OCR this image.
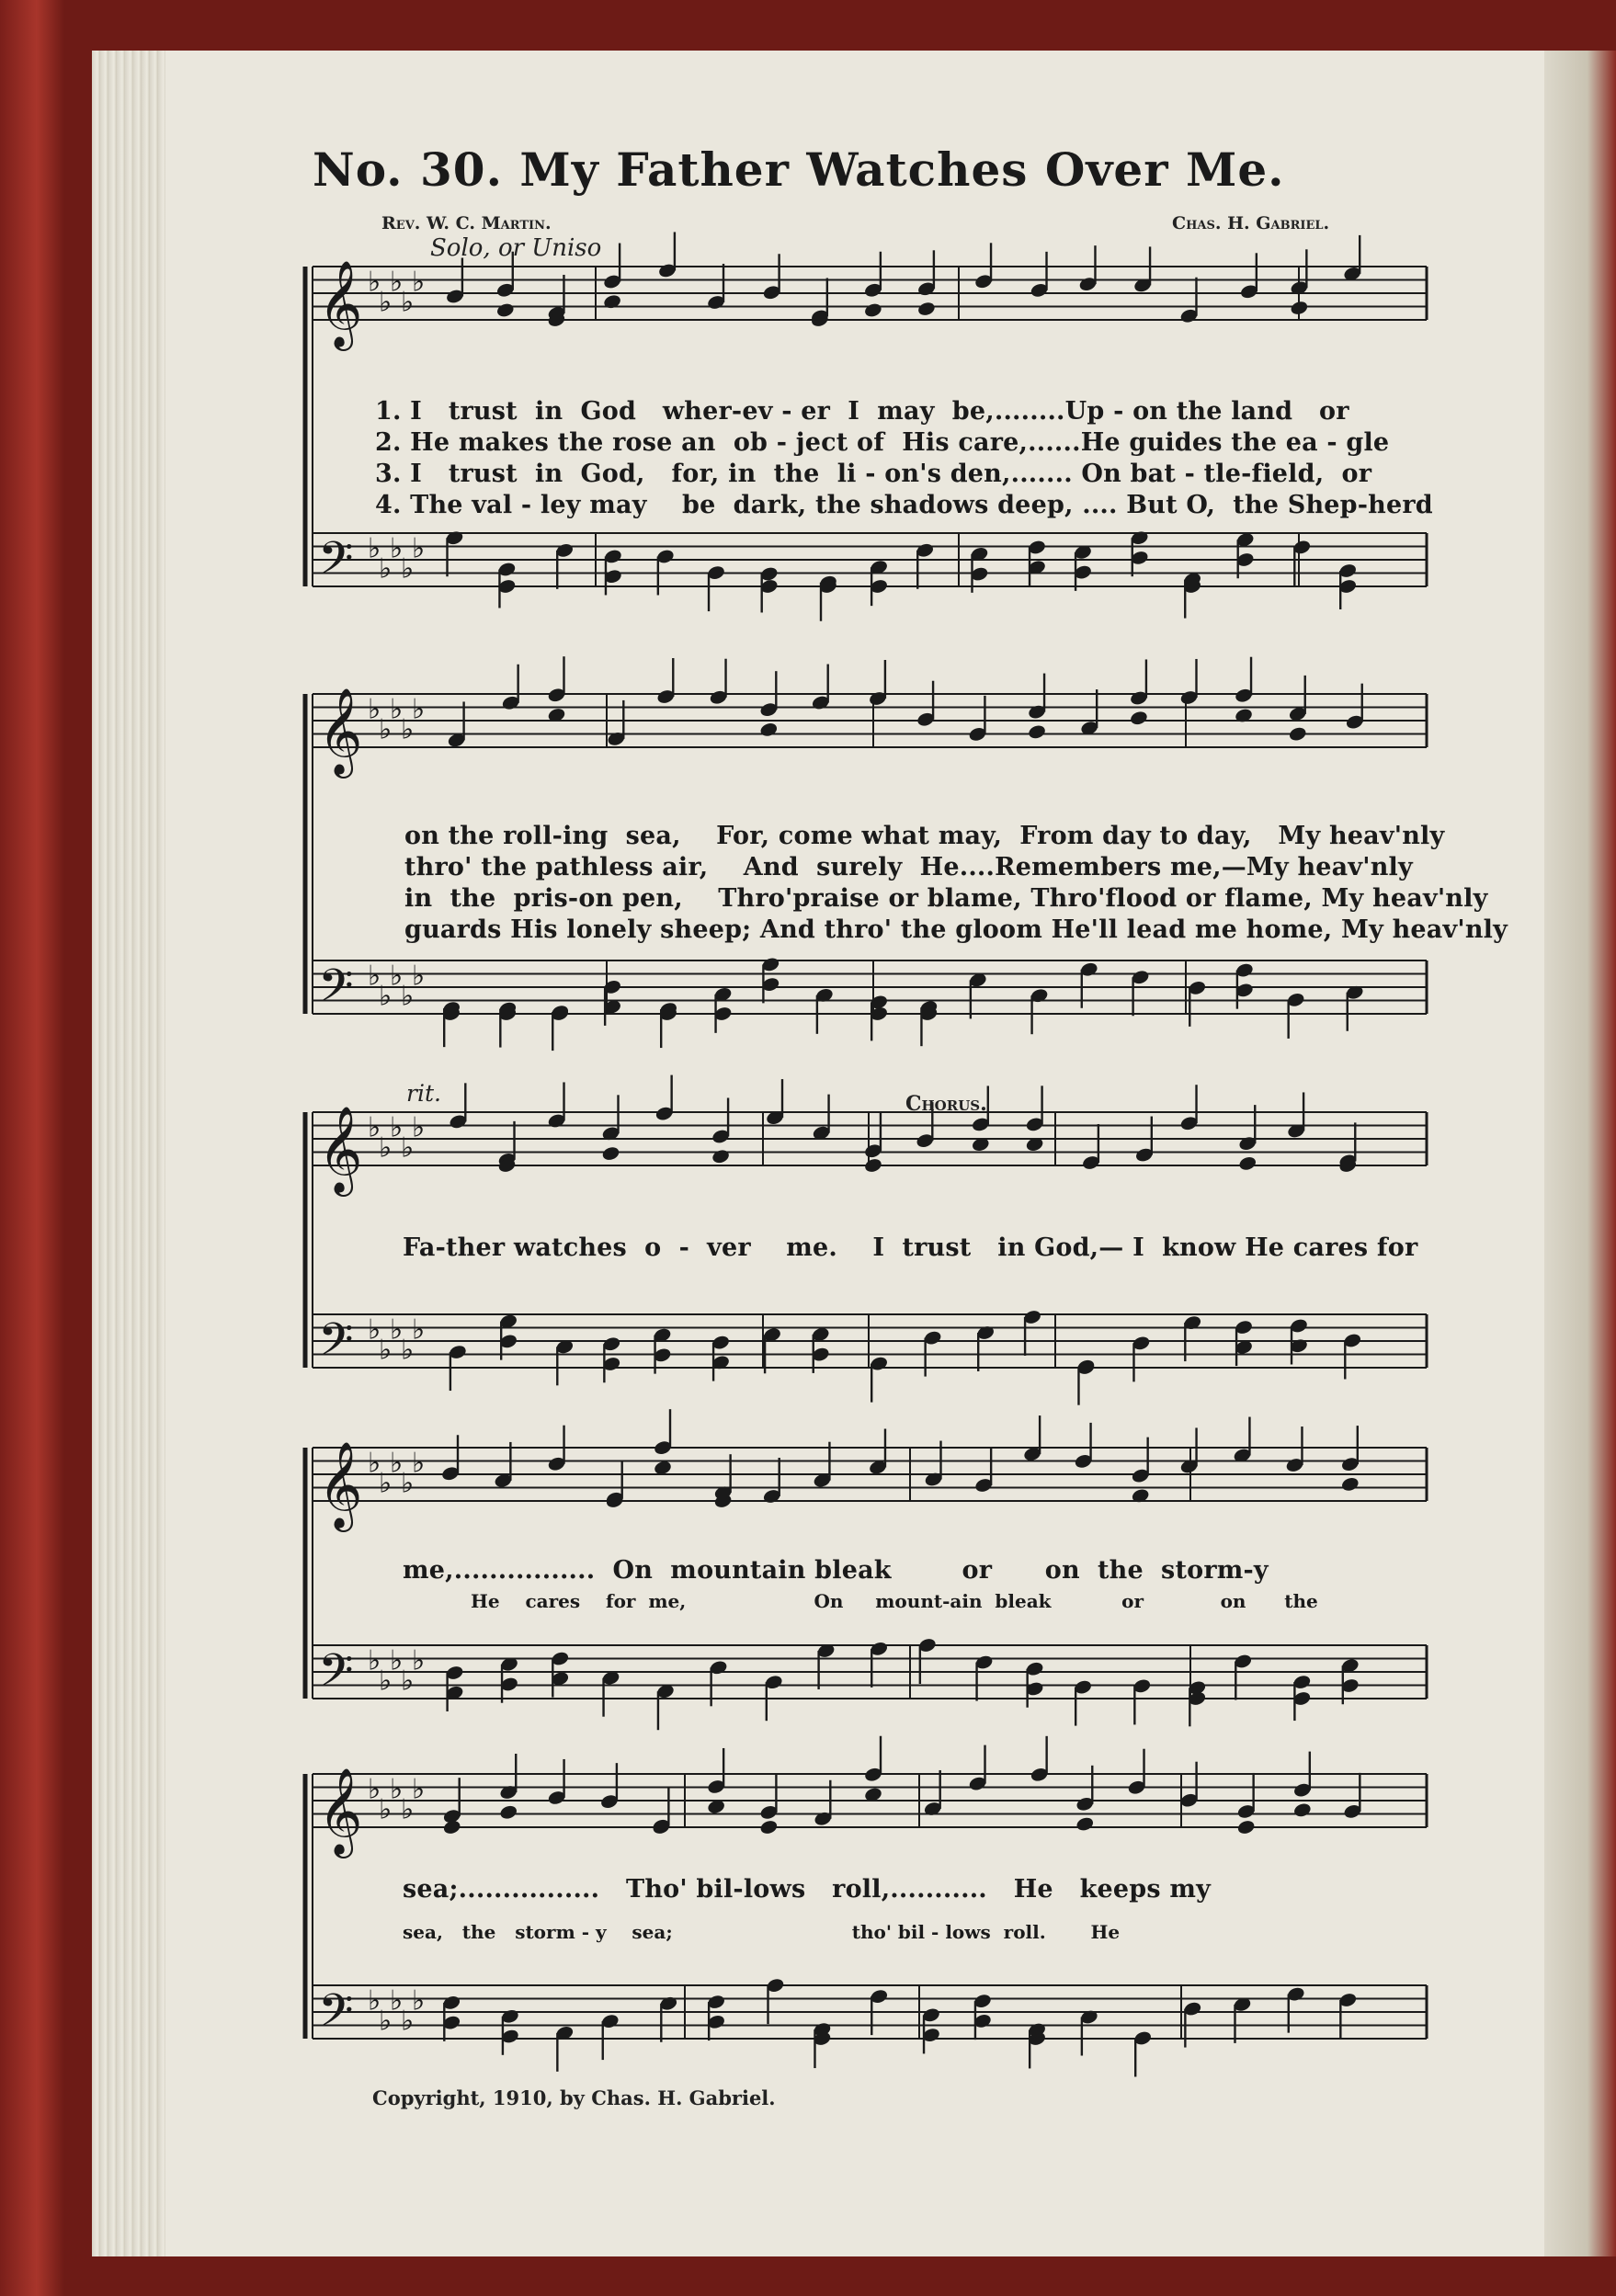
No. 30. My Father Watches Over Me.
Rev. W. C. Martin.	Chas. H. Gabriel.
Solo, or Uniso
𝄞 ♭
♭
♭
♭
♭
𝄢 ♭
♭
♭
♭
♭
𝄞 ♭
♭
♭
♭
♭
𝄢 ♭
♭
♭
♭
♭
𝄞 ♭
♭
♭
♭
♭
𝄢 ♭
♭
♭
♭
♭
𝄞 ♭
♭
♭
♭
♭
𝄢 ♭
♭
♭
♭
♭
𝄞 ♭
♭
♭
♭
♭
𝄢 ♭
♭
♭
♭
♭
1. I   trust  in  God   wher-ev - er  I  may  be,........Up - on the land   or
2. He makes the rose an  ob - ject of  His care,......He guides the ea - gle
3. I   trust  in  God,   for, in  the  li - on's den,....... On bat - tle-field,  or
4. The val - ley may    be  dark, the shadows deep, .... But O,  the Shep-herd
on the roll-ing  sea,    For, come what may,  From day to day,   My heav'nly
thro' the pathless air,    And  surely  He....Remembers me,—My heav'nly
in  the  pris-on pen,    Thro'praise or blame, Thro'flood or flame, My heav'nly
guards His lonely sheep; And thro' the gloom He'll lead me home, My heav'nly
rit.	Chorus.
Fa-ther watches  o  -  ver    me.    I  trust   in God,— I  know He cares for
me,................  On  mountain bleak        or      on  the  storm-y
He    cares    for  me,                    On     mount-ain  bleak           or            on      the
sea;................   Tho' bil-lows   roll,...........   He   keeps my
sea,   the   storm - y    sea;                            tho' bil - lows  roll.       He
Copyright, 1910, by Chas. H. Gabriel.
